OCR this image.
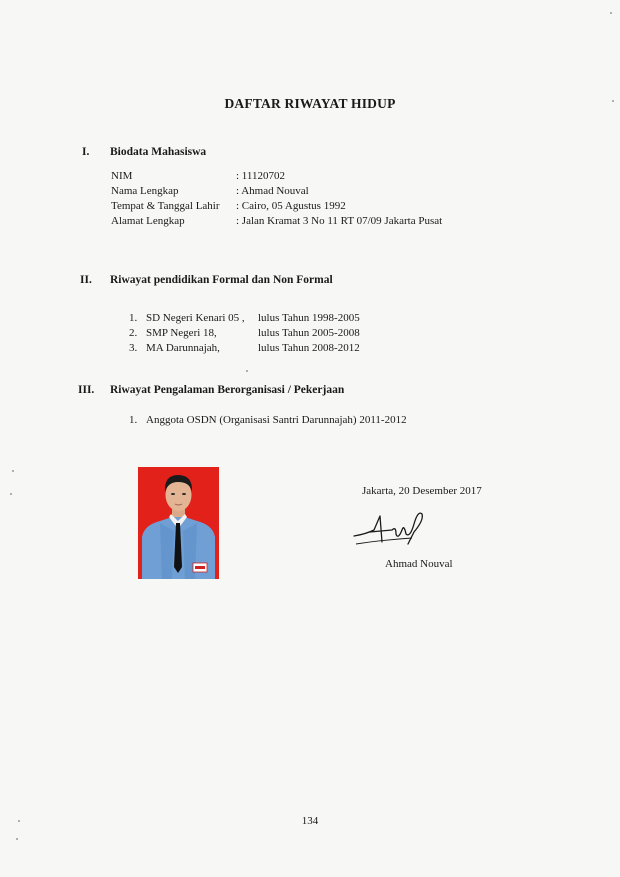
DAFTAR RIWAYAT HIDUP
I. Biodata Mahasiswa
NIM	: 11120702
Nama Lengkap	: Ahmad Nouval
Tempat & Tanggal Lahir : Cairo, 05 Agustus 1992
Alamat Lengkap	: Jalan Kramat 3 No 11 RT 07/09 Jakarta Pusat
II. Riwayat pendidikan Formal dan Non Formal
1. SD Negeri Kenari 05 , lulus Tahun 1998-2005
2. SMP Negeri 18,	lulus Tahun 2005-2008
3. MA Darunnajah,	lulus Tahun 2008-2012
III. Riwayat Pengalaman Berorganisasi / Pekerjaan
1. Anggota OSDN (Organisasi Santri Darunnajah) 2011-2012
Jakarta, 20 Desember 2017
Ahmad Nouval
134
